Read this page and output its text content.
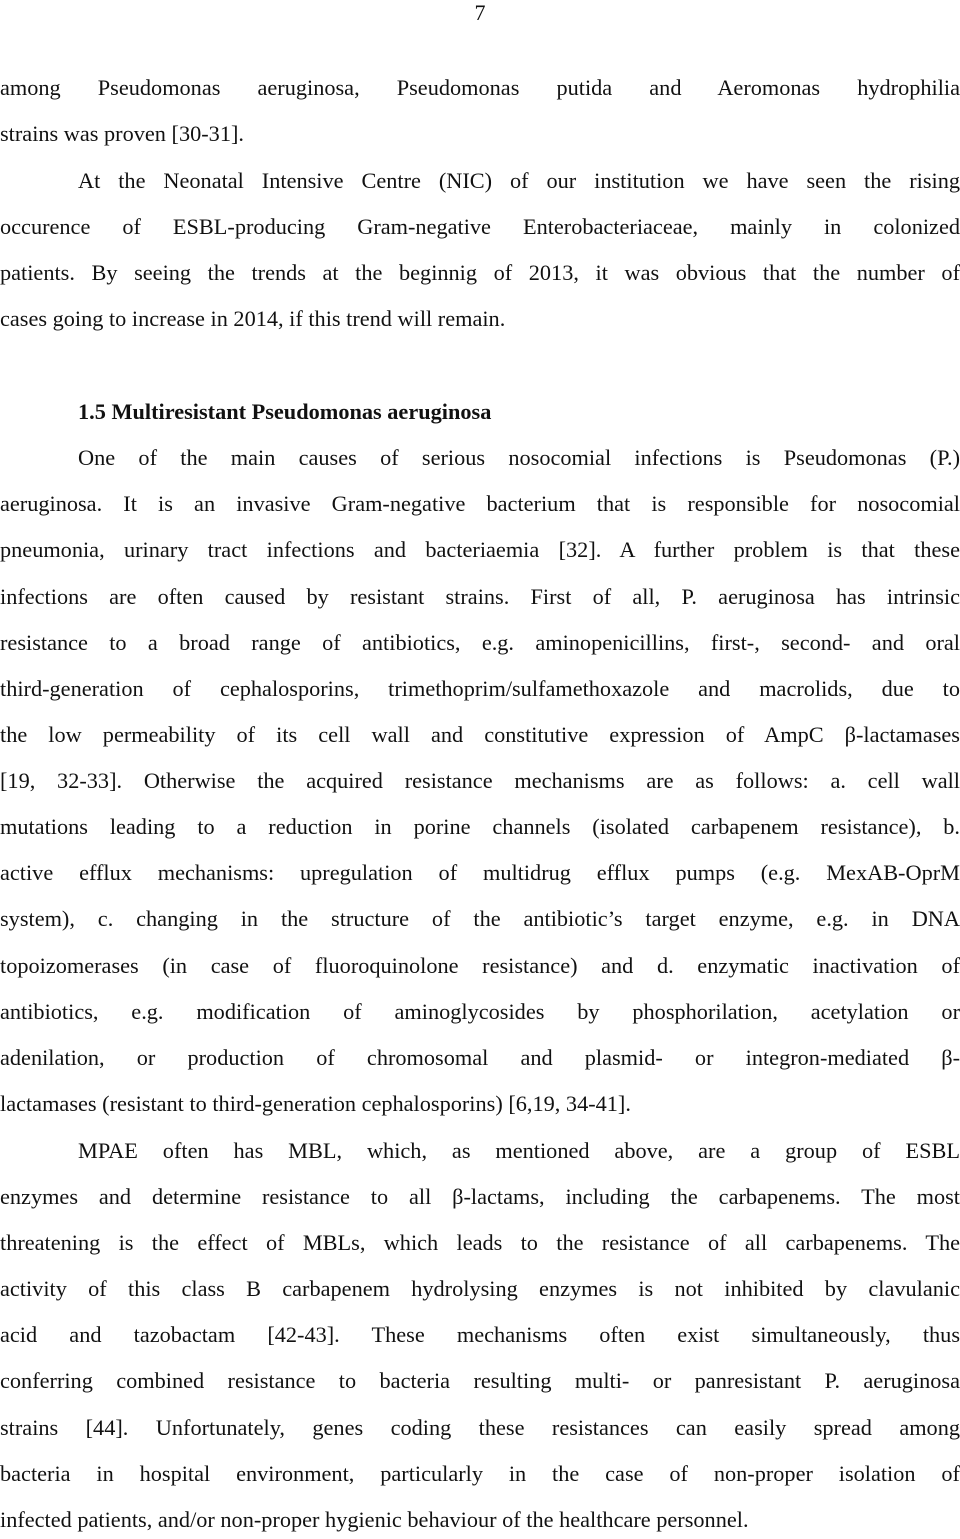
7
among Pseudomonas aeruginosa, Pseudomonas putida and Aeromonas hydrophilia
strains was proven [30-31].
At the Neonatal Intensive Centre (NIC) of our institution we have seen the rising
occurence of ESBL-producing Gram-negative Enterobacteriaceae, mainly in colonized
patients. By seeing the trends at the beginnig of 2013, it was obvious that the number of
cases going to increase in 2014, if this trend will remain.
1.5 Multiresistant Pseudomonas aeruginosa
One of the main causes of serious nosocomial infections is Pseudomonas (P.)
aeruginosa. It is an invasive Gram-negative bacterium that is responsible for nosocomial
pneumonia, urinary tract infections and bacteriaemia [32]. A further problem is that these
infections are often caused by resistant strains. First of all, P. aeruginosa has intrinsic
resistance to a broad range of antibiotics, e.g. aminopenicillins, first-, second- and oral
third-generation of cephalosporins, trimethoprim/sulfamethoxazole and macrolids, due to
the low permeability of its cell wall and constitutive expression of AmpC β-lactamases
[19, 32-33]. Otherwise the acquired resistance mechanisms are as follows: a. cell wall
mutations leading to a reduction in porine channels (isolated carbapenem resistance), b.
active efflux mechanisms: upregulation of multidrug efflux pumps (e.g. MexAB-OprM
system), c. changing in the structure of the antibiotic’s target enzyme, e.g. in DNA
topoizomerases (in case of fluoroquinolone resistance) and d. enzymatic inactivation of
antibiotics, e.g. modification of aminoglycosides by phosphorilation, acetylation or
adenilation, or production of chromosomal and plasmid- or integron-mediated β-
lactamases (resistant to third-generation cephalosporins) [6,19, 34-41].
MPAE often has MBL, which, as mentioned above, are a group of ESBL
enzymes and determine resistance to all β-lactams, including the carbapenems. The most
threatening is the effect of MBLs, which leads to the resistance of all carbapenems. The
activity of this class B carbapenem hydrolysing enzymes is not inhibited by clavulanic
acid and tazobactam [42-43]. These mechanisms often exist simultaneously, thus
conferring combined resistance to bacteria resulting multi- or panresistant P. aeruginosa
strains [44]. Unfortunately, genes coding these resistances can easily spread among
bacteria in hospital environment, particularly in the case of non-proper isolation of
infected patients, and/or non-proper hygienic behaviour of the healthcare personnel.
